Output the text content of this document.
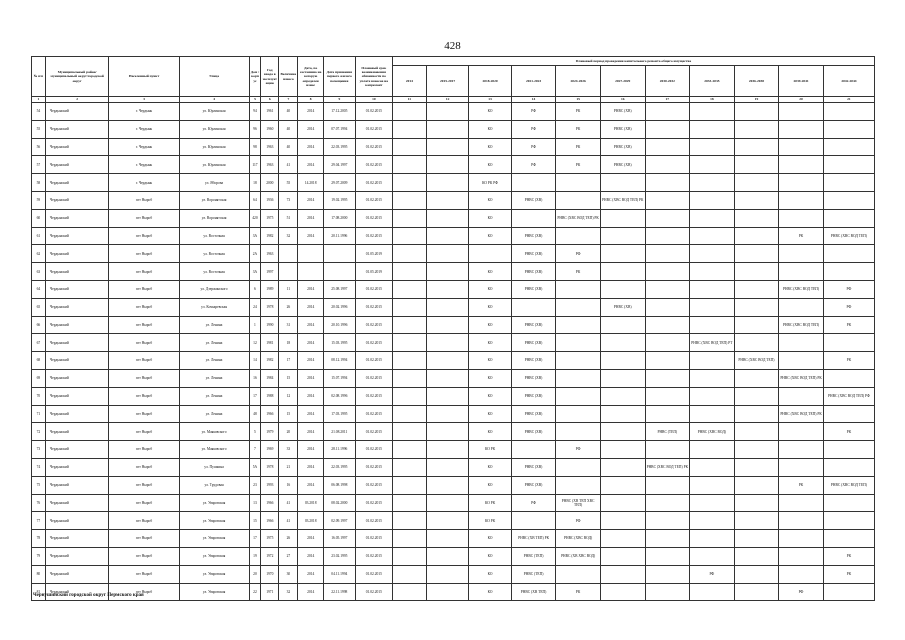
428
№ п/п	Муниципальный район/ муниципальный округ/городской округ	Населенный пункт	Улица	Дом / корпус	Год ввода в эксплуатацию	Величина износа	Дата, по состоянию на которую определен износ	Дата признания первого жилого помещения	Плановый срок возникновения обязанности по уплате взносов на капремонт	Плановый период проведения капитального ремонта общего имущества										
										2014	2015-2017	2018-2020	2021-2023	2024-2026	2027-2029	2030-2032	2033-2035	2036-2038	2039-2041	2042-2044
1	2	3	4	5	6	7	8	9	10	11	12	13	14	15	16	17	18	19	20	21
54	Чердынский	г. Чердынь	ул. Юрлинская	94	1961	40	2014	17.12.2005	01.02.2015			КО	РФ	РК	РНВС (ХВ)					
55	Чердынский	г. Чердынь	ул. Юрлинская	96	1960	40	2014	07.07.1994	01.02.2015			КО	РФ	РК	РНВС (ХВ)					
56	Чердынский	г. Чердынь	ул. Юрлинская	98	1963	40	2014	22.03.1995	01.02.2015			КО	РФ	РК	РНВС (ХВ)					
57	Чердынский	г. Чердынь	ул. Юрлинская	117	1963	41	2014	29.04.1997	01.02.2015			КО	РФ	РК	РНВС (ХВ)					
58	Чердынский	г. Чердынь	ул. Яборова	18	2000	55	14.2018	29.07.2009	01.02.2015			КО РК РФ								
59	Чердынский	пгт Ныроб	ул. Воронятская	64	1936	73	2014	19.02.1995	01.02.2015			КО	РНВС (ХВ)		РНВС (ХВС ВОД ТЕП) РК					
60	Чердынский	пгт Ныроб	ул. Воронятская	420	1975	51	2014	17.08.2000	01.02.2015			КО		РНВС (ХВС ВОД ТЕП) РК						
61	Чердынский	пгт Ныроб	ул. Восточная	3А	1982	32	2014	20.11.1996	01.02.2015			КО	РНВС (ХВ)						РК	РНВС (ХВС ВОД ТЕП)
62	Чердынский	пгт Ныроб	ул. Восточная	2А	1963				01.05.2019				РНВС (ХВ)	РФ						
63	Чердынский	пгт Ныроб	ул. Восточная	3А	1997				01.05.2019			КО	РНВС (ХВ)	РК						
64	Чердынский	пгт Ныроб	ул. Дзержинского	6	1989	11	2014	25.08.1997	01.02.2015			КО	РНВС (ХВ)						РНВС (ХВС ВОД ТЕП)	РФ
65	Чердынский	пгт Ныроб	ул. Кочкаревская	24	1978	26	2014	20.02.1996	01.02.2015			КО			РНВС (ХВ)					РФ
66	Чердынский	пгт Ныроб	ул. Ленина	1	1990	31	2014	20.10.1996	01.02.2015			КО	РНВС (ХВ)						РНВС (ХВС ВОД ТЕП)	РК
67	Чердынский	пгт Ныроб	ул. Ленина	12	1981	18	2014	15.03.1995	01.02.2015			КО	РНВС (ХВ)				РНВС (ХВС ВОД ТЕП) РТ			
68	Чердынский	пгт Ныроб	ул. Ленина	14	1982	17	2014	08.12.1994	01.02.2015			КО	РНВС (ХВ)					РНВС (ХВС ВОД ТЕП)		РК
69	Чердынский	пгт Ныроб	ул. Ленина	16	1984	15	2014	15.07.1994	01.02.2015			КО	РНВС (ХВ)						РНВС (ХВС ВОД ТЕП) РК	
70	Чердынский	пгт Ныроб	ул. Ленина	17	1988	12	2014	02.08.1996	01.02.2015			КО	РНВС (ХВ)							РНВС (ХВС ВОД ТЕП) РФ
71	Чердынский	пгт Ныроб	ул. Ленина	48	1966	15	2014	17.03.1995	01.02.2015			КО	РНВС (ХВ)						РНВС (ХВС ВОД ТЕП) РК	
72	Чердынский	пгт Ныроб	ул. Маяковского	5	1979	20	2014	21.08.2011	01.02.2015			КО	РНВС (ХВ)			РНВС (ТЕП)	РНВС (ХВС ВОД)			РК
73	Чердынский	пгт Ныроб	ул. Маяковского	7	1969	33	2014	28.11.1996	01.02.2015			КО РК		РФ						
74	Чердынский	пгт Ныроб	ул. Пушкина	5А	1978	21	2014	22.03.1995	01.02.2015			КО	РНВС (ХВ)			РНВС (ХВС ВОД ТЕП) РК				
75	Чердынский	пгт Ныроб	ул. Трудовая	23	1993	16	2014	06.08.1998	01.02.2015			КО	РНВС (ХВ)						РК	РНВС (ХВС ВОД ТЕП)
76	Чердынский	пгт Ныроб	ул. Уваровская	13	1966	41	03.2018	08.02.2000	01.02.2015			КО РК	РФ	РНВС (ХВ ТЕП ХВС ТЕП)						
77	Чердынский	пгт Ныроб	ул. Уваровская	15	1966	41	03.2018	02.09.1997	01.02.2015			КО РК		РФ						
78	Чердынский	пгт Ныроб	ул. Уваровская	17	1975	26	2014	16.05.1997	01.02.2015			КО	РНВС (ХВ ТЕП) РК	РНВС (ХВС ВОД)						
79	Чердынский	пгт Ныроб	ул. Уваровская	19	1972	27	2014	23.02.1995	01.02.2015			КО	РНВС (ТЕП)	РНВС (ХВ ХВС ВОД)						РК
80	Чердынский	пгт Ныроб	ул. Уваровская	20	1970	30	2014	04.11.1994	01.02.2015			КО	РНВС (ТЕП)				РФ			РК
81	Чердынский	пгт Ныроб	ул. Уваровская	22	1971	32	2014	22.11.1998	01.02.2015			КО	РНВС (ХВ ТЕП)	РК					РФ	
Чернушинский городской округ Пермского края
